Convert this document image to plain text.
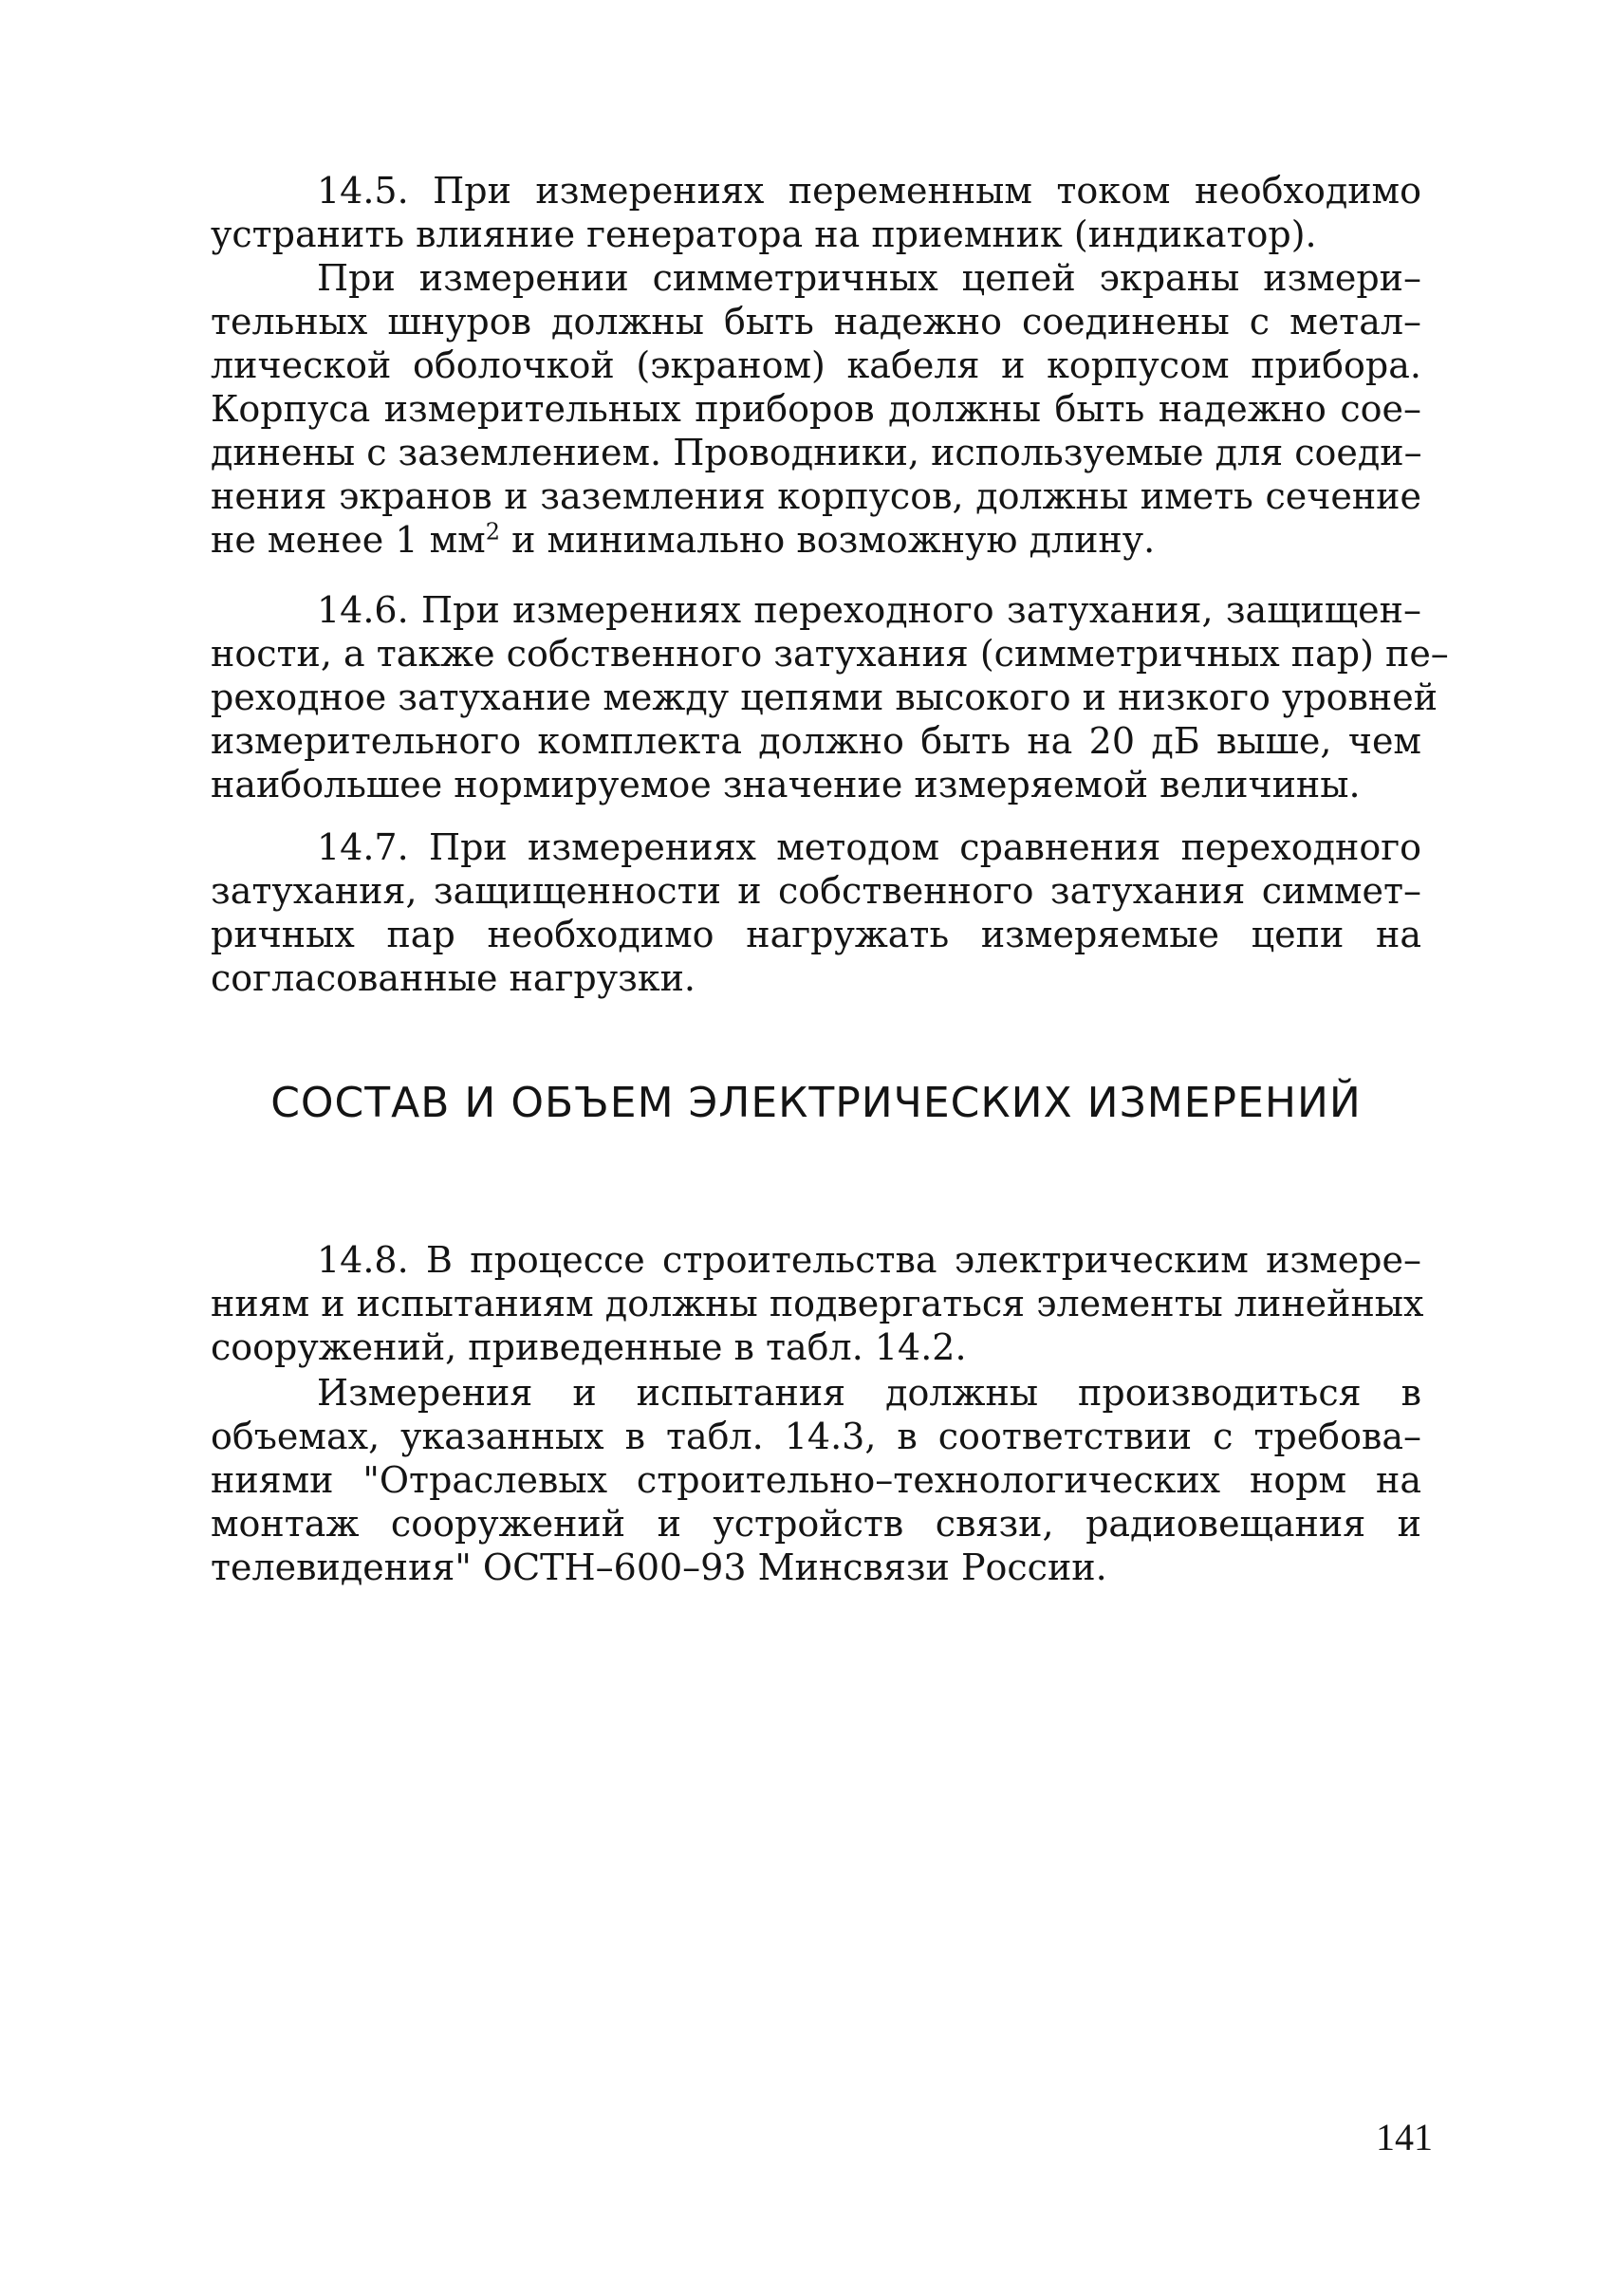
14.5. При измерениях переменным током необходимо
устранить влияние генератора на приемник (индикатор).

При измерении симметричных цепей экраны измери–
тельных шнуров должны быть надежно соединены с метал–
лической оболочкой (экраном) кабеля и корпусом прибора.
Корпуса измерительных приборов должны быть надежно сое–
динены с заземлением. Проводники, используемые для соеди–
нения экранов и заземления корпусов, должны иметь сечение
не менее 1 $мм^2$ и минимально возможную длину.

14.6. При измерениях переходного затухания, защищен–
ности, а также собственного затухания (симметричных пар) пе–
реходное затухание между цепями высокого и низкого уровней
измерительного комплекта должно быть на 20 дБ выше, чем
наибольшее нормируемое значение измеряемой величины.

14.7. При измерениях методом сравнения переходного
затухания, защищенности и собственного затухания симмет–
ричных пар необходимо нагружать измеряемые цепи на
согласованные нагрузки.

СОСТАВ И ОБЪЕМ ЭЛЕКТРИЧЕСКИХ ИЗМЕРЕНИЙ

14.8. В процессе строительства электрическим измере–
ниям и испытаниям должны подвергаться элементы линейных
сооружений, приведенные в табл. 14.2.

Измерения и испытания должны производиться в
объемах, указанных в табл. 14.3, в соответствии с требова–
ниями "Отраслевых строительно–технологических норм на
монтаж сооружений и устройств связи, радиовещания и
телевидения" ОСТН–600–93 Минсвязи России.

141
